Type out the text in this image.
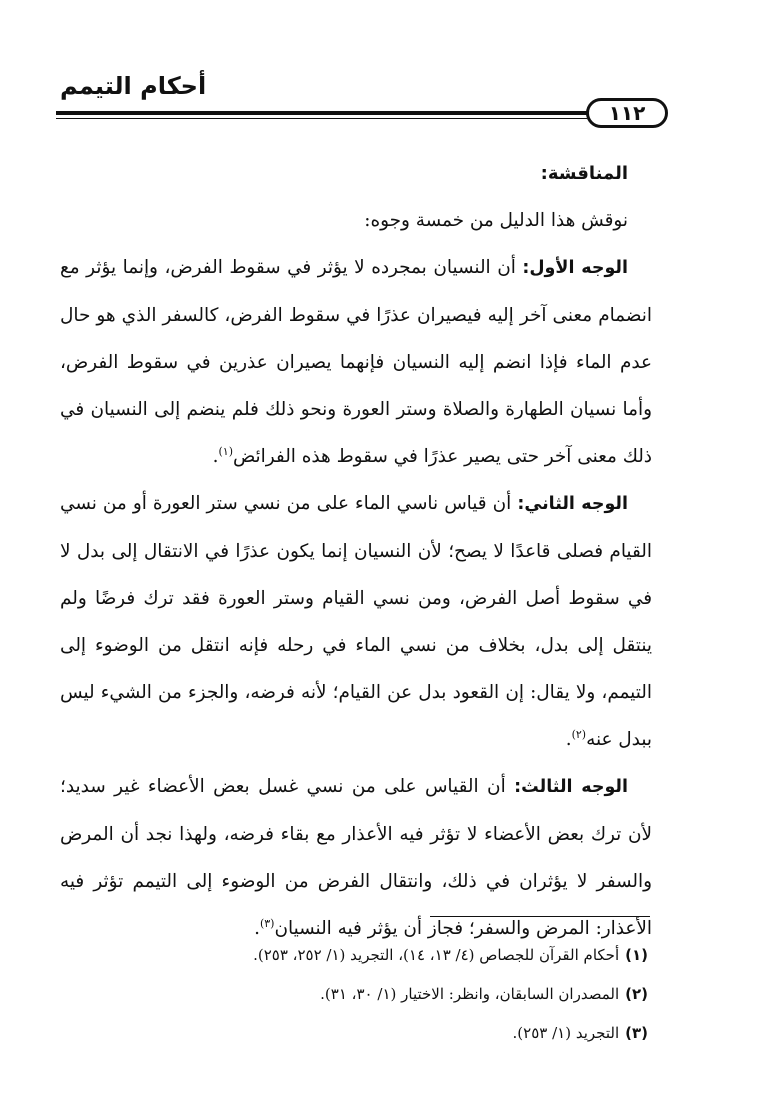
أحكام التيمم
١١٢

المناقشة:

نوقش هذا الدليل من خمسة وجوه:

الوجه الأول: أن النسيان بمجرده لا يؤثر في سقوط الفرض، وإنما يؤثر مع انضمام معنى آخر إليه فيصيران عذرًا في سقوط الفرض، كالسفر الذي هو حال عدم الماء فإذا انضم إليه النسيان فإنهما يصيران عذرين في سقوط الفرض، وأما نسيان الطهارة والصلاة وستر العورة ونحو ذلك فلم ينضم إلى النسيان في ذلك معنى آخر حتى يصير عذرًا في سقوط هذه الفرائض$^{(١)}$.

الوجه الثاني: أن قياس ناسي الماء على من نسي ستر العورة أو من نسي القيام فصلى قاعدًا لا يصح؛ لأن النسيان إنما يكون عذرًا في الانتقال إلى بدل لا في سقوط أصل الفرض، ومن نسي القيام وستر العورة فقد ترك فرضًا ولم ينتقل إلى بدل، بخلاف من نسي الماء في رحله فإنه انتقل من الوضوء إلى التيمم، ولا يقال: إن القعود بدل عن القيام؛ لأنه فرضه، والجزء من الشيء ليس ببدل عنه$^{(٢)}$.

الوجه الثالث: أن القياس على من نسي غسل بعض الأعضاء غير سديد؛ لأن ترك بعض الأعضاء لا تؤثر فيه الأعذار مع بقاء فرضه، ولهذا نجد أن المرض والسفر لا يؤثران في ذلك، وانتقال الفرض من الوضوء إلى التيمم تؤثر فيه الأعذار: المرض والسفر؛ فجاز أن يؤثر فيه النسيان$^{(٣)}$.

(١)أحكام القرآن للجصاص (٤/ ١٣، ١٤)، التجريد (١/ ٢٥٢، ٢٥٣).

(٢)المصدران السابقان، وانظر: الاختيار (١/ ٣٠، ٣١).

(٣)التجريد (١/ ٢٥٣).
